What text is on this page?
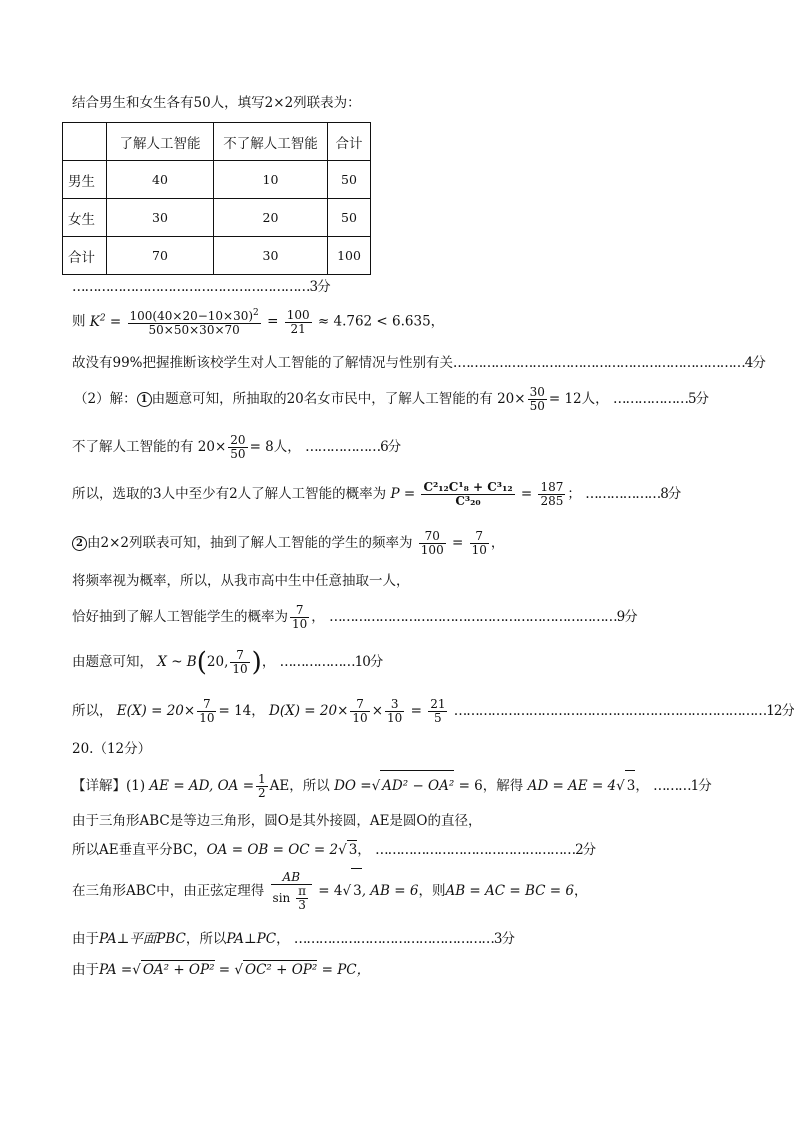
结合男生和女生各有50人，填写2×2列联表为：
	了解人工智能	不了解人工智能	合计
男生	40	10	50
女生	30	20	50
合计	70	30	100
…………………………………………………3分
则 $K^2 = \frac{100(40\times 20-10\times 30)^2}{50\times 50\times 30\times 70} = \frac{100}{21} \approx 4.762 < 6.635$，
故没有99%把握推断该校学生对人工智能的了解情况与性别有关.……………………………………………………………4分
（2）解： 1 由题意可知，所抽取的20名女市民中，了解人工智能的有 $20\times \frac{30}{50} = 12$人， ………………5分
不了解人工智能的有 $20\times \frac{20}{50} = 8$人， ………………6分
所以，选取的3人中至少有2人了解人工智能的概率为 $P = \frac{\text{C²₁₂C¹₈ + C³₁₂}}{\text{C³₂₀}} = \frac{187}{285}$ ； ………………8分
2 由2×2列联表可知，抽到了解人工智能的学生的频率为 $\frac{70}{100} = \frac{7}{10}$ ，
将频率视为概率，所以，从我市高中生中任意抽取一人，
恰好抽到了解人工智能学生的概率为 $\frac{7}{10}$ ， ……………………………………………………………9分
由题意可知， X ~ B(20, $\frac{7}{10}$ )， ………………10分
所以， $E(X) = 20\times \frac{7}{10} = 14$， $D(X) = 20\times \frac{7}{10} \times \frac{3}{10} = \frac{21}{5}$ …………………………………………………………………12分
20.（12分）
【详解】(1) AE = AD, OA = $\frac{1}{2}$ AE，所以 DO =√ AD² − OA² = 6，解得 AD = AE = 4√ 3， ………1分
由于三角形ABC是等边三角形，圆O是其外接圆，AE是圆O的直径，
所以AE垂直平分BC，OA = OB = OC = 2√ 3， …………………………………………2分
在三角形ABC中，由正弦定理得 $\frac{AB}{\sin \frac{\pi}{3}} = 4√$ 3, AB = 6，则AB = AC = BC = 6，
由于PA⊥平面PBC，所以PA⊥PC， …………………………………………3分
由于PA =√ OA² + OP² = √ OC² + OP² = PC，
